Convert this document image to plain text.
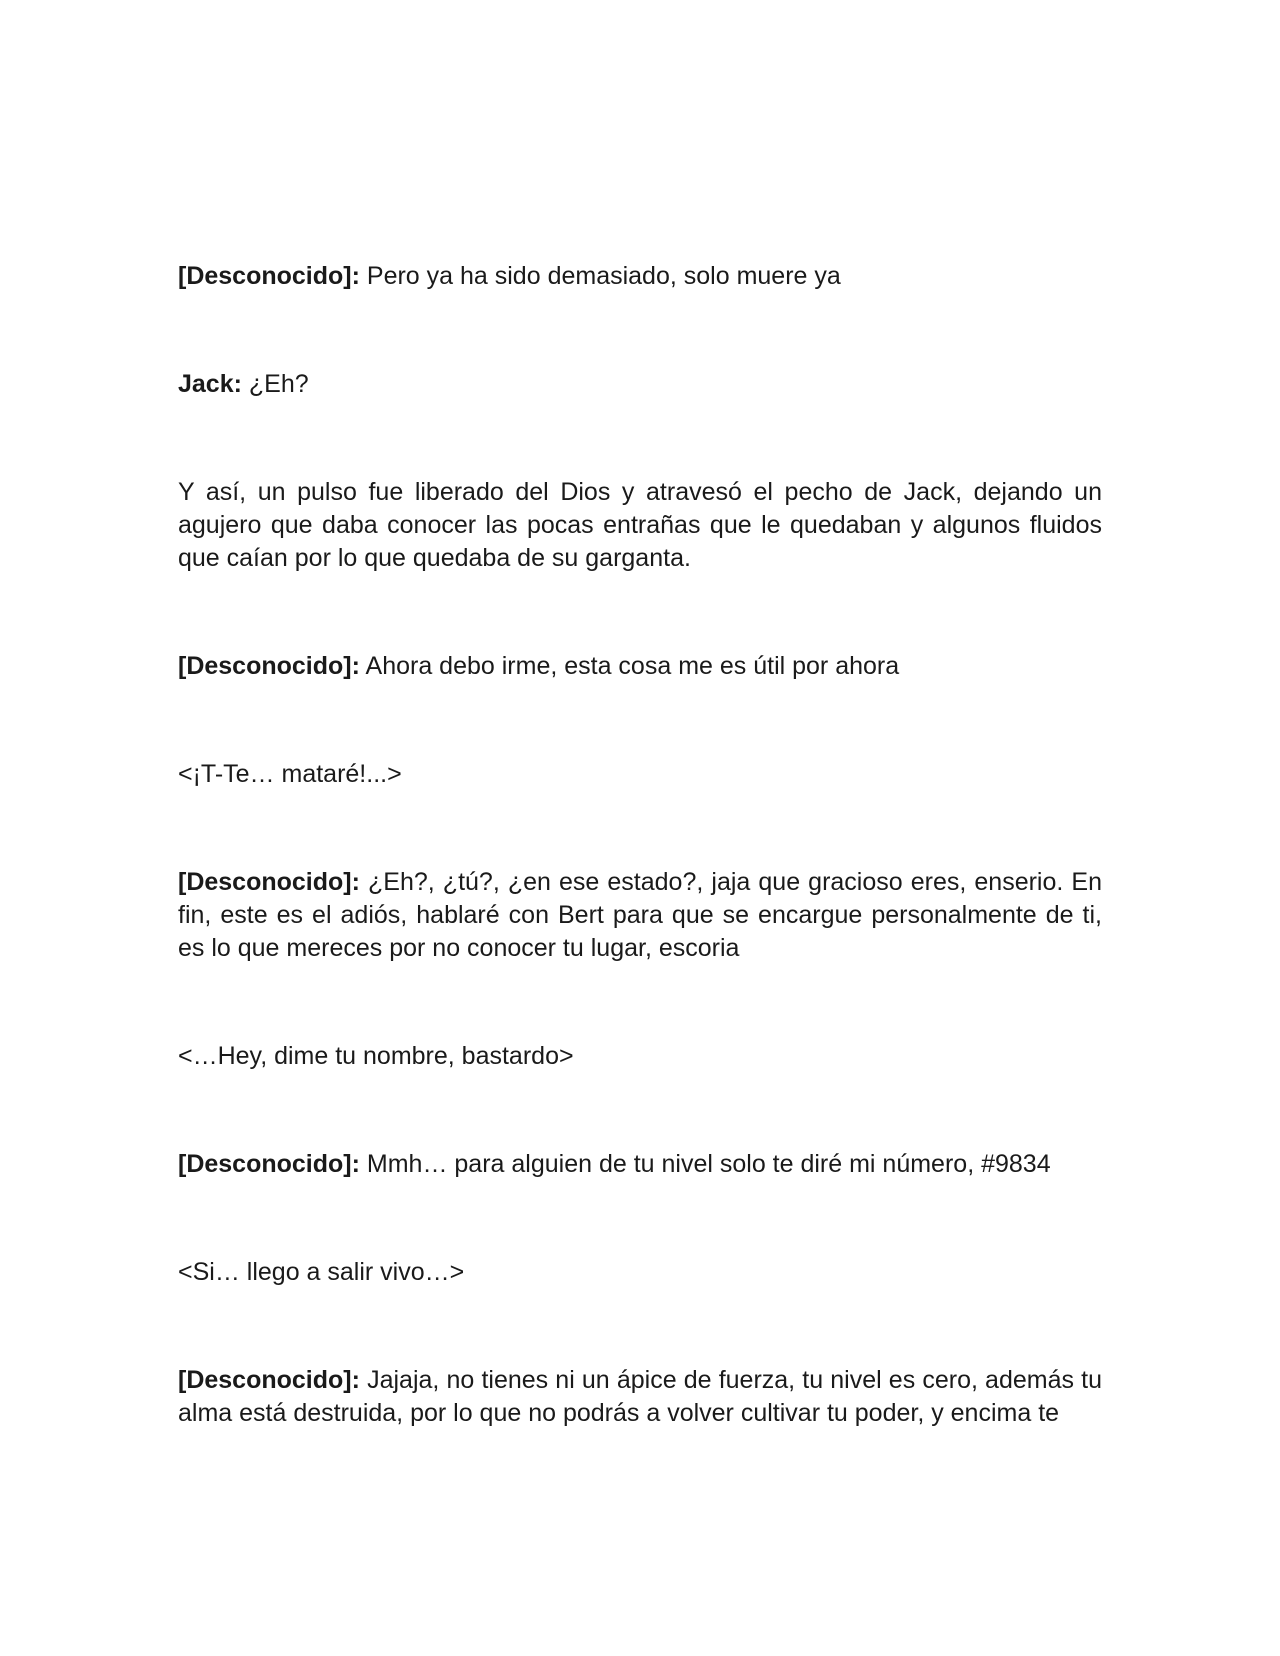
[Desconocido]: Pero ya ha sido demasiado, solo muere ya

Jack: ¿Eh?

Y así, un pulso fue liberado del Dios y atravesó el pecho de Jack, dejando un agujero que daba conocer las pocas entrañas que le quedaban y algunos fluidos que caían por lo que quedaba de su garganta.

[Desconocido]: Ahora debo irme, esta cosa me es útil por ahora

<¡T-Te… mataré!...>

[Desconocido]: ¿Eh?, ¿tú?, ¿en ese estado?, jaja que gracioso eres, enserio. En fin, este es el adiós, hablaré con Bert para que se encargue personalmente de ti, es lo que mereces por no conocer tu lugar, escoria

<…Hey, dime tu nombre, bastardo>

[Desconocido]: Mmh… para alguien de tu nivel solo te diré mi número, #9834

<Si… llego a salir vivo…>

[Desconocido]: Jajaja, no tienes ni un ápice de fuerza, tu nivel es cero, además tu alma está destruida, por lo que no podrás a volver cultivar tu poder, y encima te
